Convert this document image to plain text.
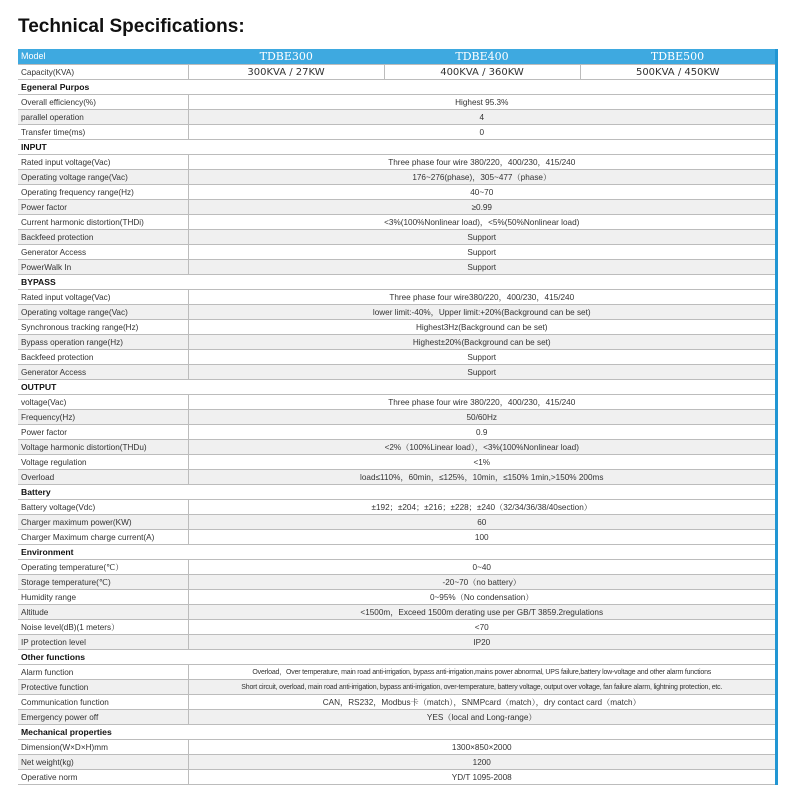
Technical Specifications:
Model	TDBE300	TDBE400	TDBE500
Capacity(KVA)	300KVA / 27KW	400KVA / 360KW	500KVA / 450KW
Egeneral Purpos			
Overall efficiency(%)	Highest 95.3%		
parallel operation	4		
Transfer time(ms)	0		
INPUT			
Rated input voltage(Vac)	Three phase four wire 380/220，400/230，415/240		
Operating voltage range(Vac)	176~276(phase)，305~477（phase）		
Operating frequency range(Hz)	40~70		
Power factor	≥0.99		
Current harmonic distortion(THDi)	<3%(100%Nonlinear load)，<5%(50%Nonlinear load)		
Backfeed protection	Support		
Generator Access	Support		
PowerWalk In	Support		
BYPASS			
Rated input voltage(Vac)	Three phase four wire380/220，400/230，415/240		
Operating voltage range(Vac)	lower limit:-40%，Upper limit:+20%(Background can be set)		
Synchronous tracking range(Hz)	Highest3Hz(Background can be set)		
Bypass operation range(Hz)	Highest±20%(Background can be set)		
Backfeed protection	Support		
Generator Access	Support		
OUTPUT			
voltage(Vac)	Three phase four wire 380/220，400/230，415/240		
Frequency(Hz)	50/60Hz		
Power factor	0.9		
Voltage harmonic distortion(THDu)	<2%（100%Linear load），<3%(100%Nonlinear load)		
Voltage regulation	<1%		
Overload	load≤110%，60min，≤125%，10min，≤150% 1min,>150% 200ms		
Battery			
Battery voltage(Vdc)	±192；±204；±216；±228；±240（32/34/36/38/40section）		
Charger maximum power(KW)	60		
Charger Maximum charge current(A)	100		
Environment			
Operating temperature(℃）	0~40		
Storage temperature(℃)	-20~70（no battery）		
Humidity range	0~95%（No condensation）		
Altitude	<1500m，Exceed 1500m derating use per GB/T 3859.2regulations		
Noise level(dB)(1 meters）	<70		
IP protection level	IP20		
Other functions			
Alarm function	Overload，Over temperature, main road anti-irrigation, bypass anti-irrigation,mains power abnormal, UPS failure,battery low-voltage and other alarm functions		
Protective function	Short circuit, overload, main road anti-irrigation, bypass anti-irrigation, over-temperature, battery voltage, output over voltage, fan failure alarm, lightning protection, etc.		
Communication function	CAN，RS232，Modbus卡（match），SNMPcard（match），dry contact card（match）		
Emergency power off	YES（local and Long-range）		
Mechanical properties			
Dimension(W×D×H)mm	1300×850×2000		
Net weight(kg)	1200		
Operative norm	YD/T 1095-2008		
